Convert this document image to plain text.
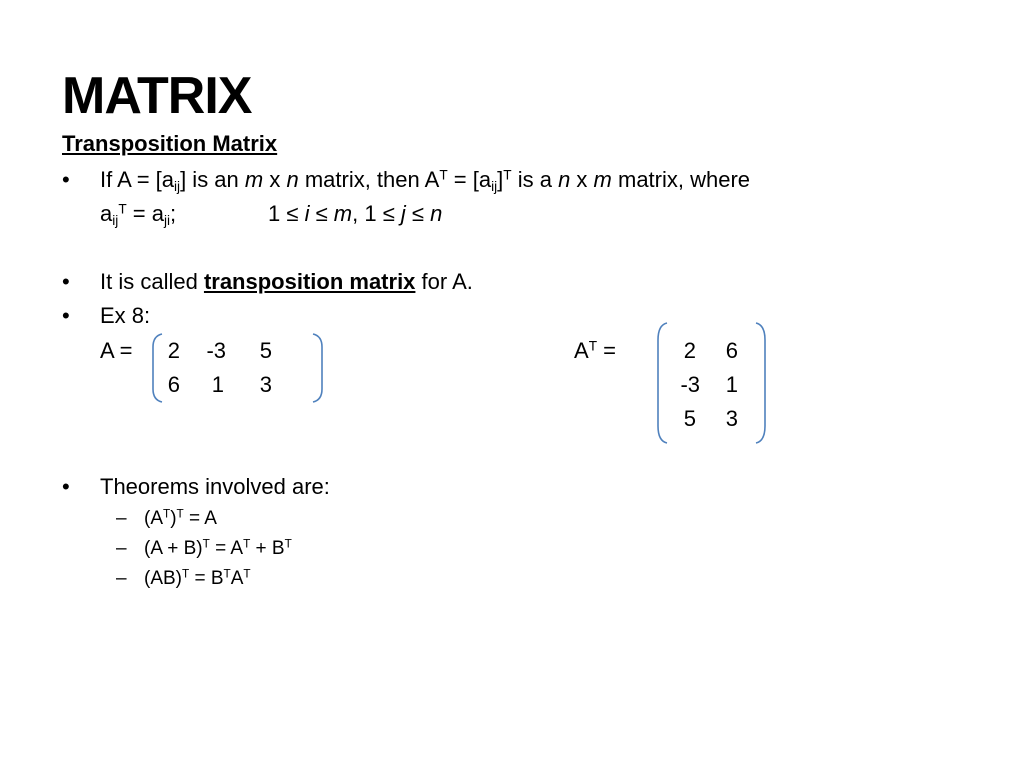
MATRIX
Transposition Matrix
• If $A = [a_{ij}]$ is an m x n matrix, then $A^T = [a_{ij}]^T$ is a n x m matrix, where
$a_{ij}^T = a_{ji}$;	1 ≤ i ≤ m, 1 ≤ j ≤ n
• It is called transposition matrix for A.
• Ex 8:
A =	2	-3	5
6	1	3
$A^T$ =	2	6
-3	1
5	3
• Theorems involved are:
– $(A^T)^T = A$
– $(A + B)^T = A^T + B^T$
– $(AB)^T = B^TA^T$
